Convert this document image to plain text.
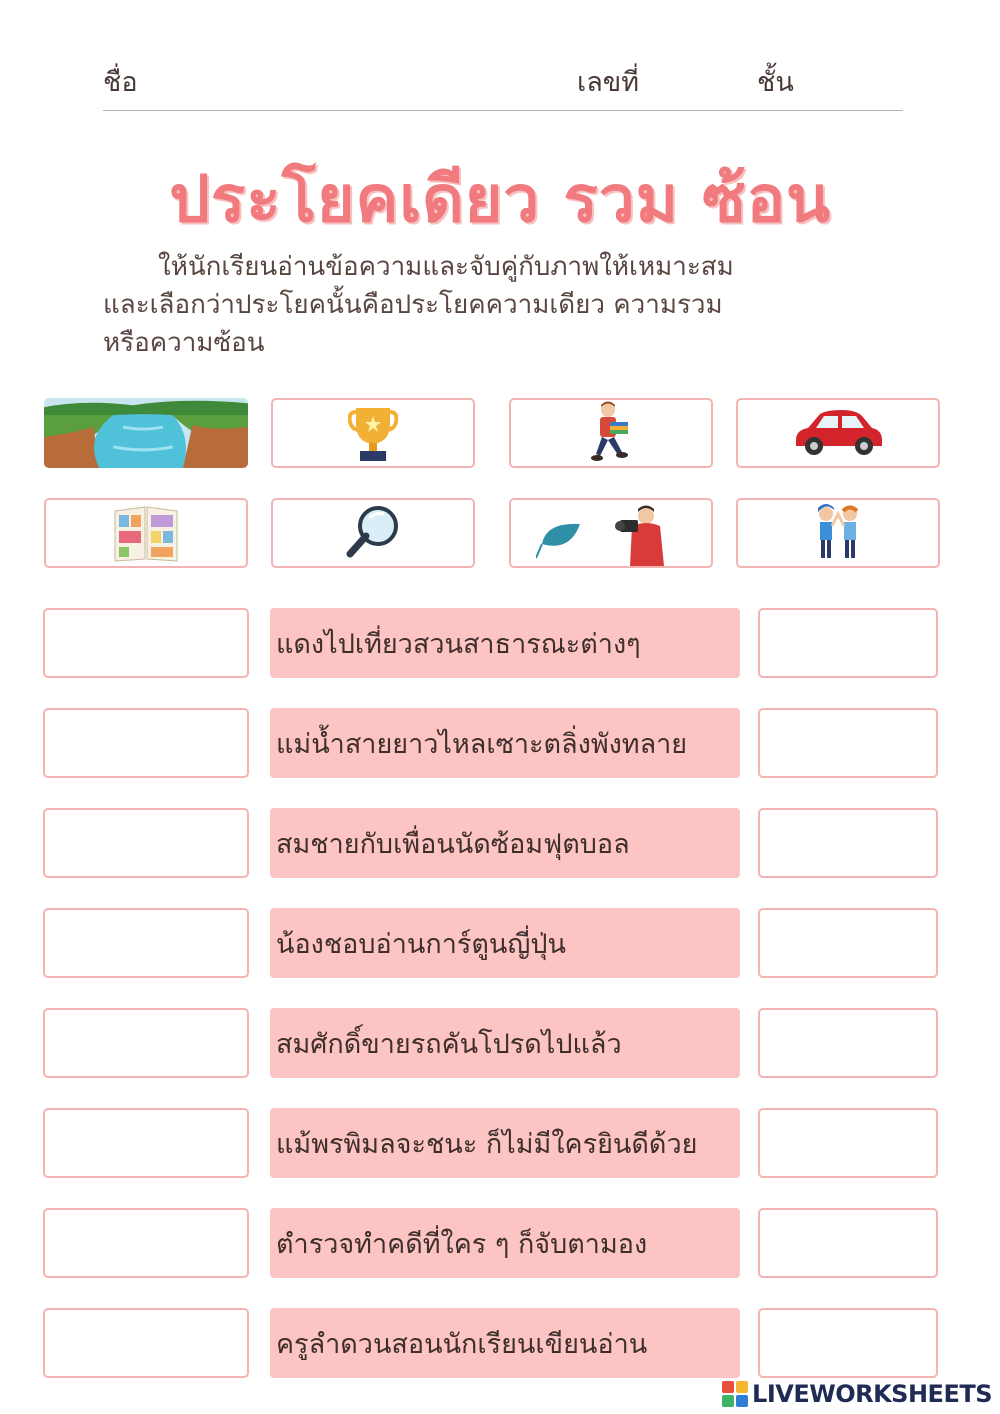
ชื่อ	เลขที่	ชั้น
ประโยคเดียว รวม ซ้อน
ให้นักเรียนอ่านข้อความและจับคู่กับภาพให้เหมาะสม
และเลือกว่าประโยคนั้นคือประโยคความเดียว ความรวม
หรือความซ้อน
แดงไปเที่ยวสวนสาธารณะต่างๆ
แม่น้ำสายยาวไหลเซาะตลิ่งพังทลาย
สมชายกับเพื่อนนัดซ้อมฟุตบอล
น้องชอบอ่านการ์ตูนญี่ปุ่น
สมศักดิ์ขายรถคันโปรดไปแล้ว
แม้พรพิมลจะชนะ ก็ไม่มีใครยินดีด้วย
ตำรวจทำคดีที่ใคร ๆ ก็จับตามอง
ครูลำดวนสอนนักเรียนเขียนอ่าน
LIVEWORKSHEETS
